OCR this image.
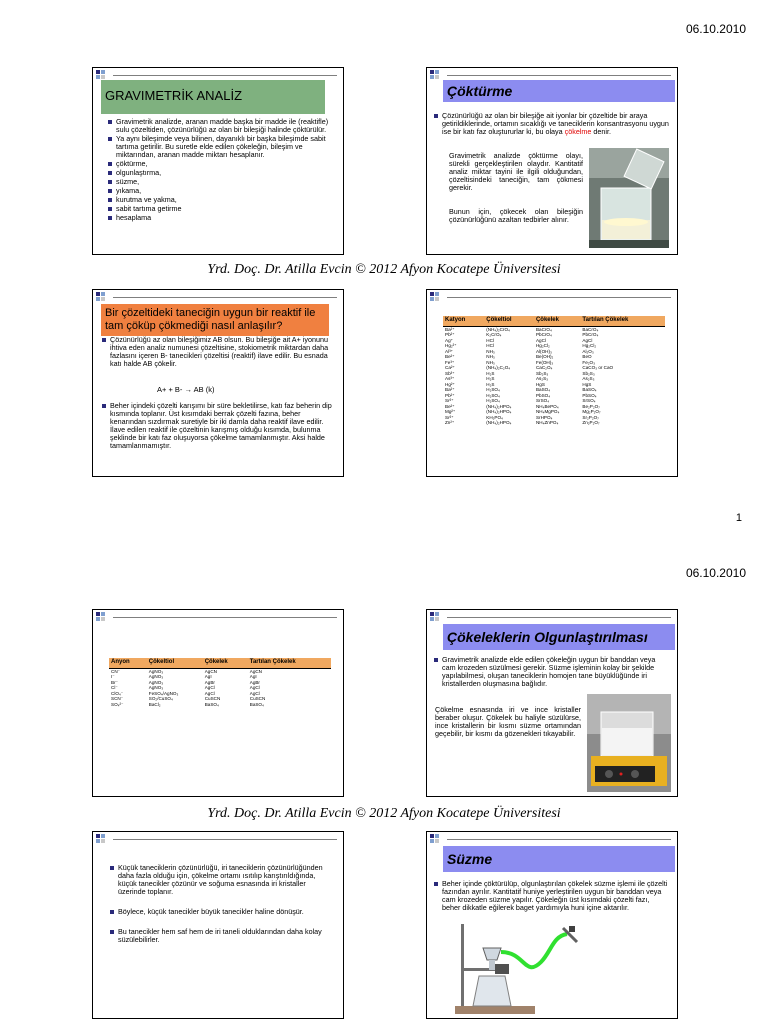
06.10.2010
GRAVIMETRİK ANALİZ
Gravimetrik analizde, aranan madde başka bir madde ile (reaktifle) sulu çözeltiden, çözünürlüğü az olan bir bileşiği halinde çöktürülür.
Ya aynı bileşimde veya bilinen, dayanıklı bir başka bileşimde sabit tartıma getirilir. Bu suretle elde edilen çökeleğin, bileşim ve miktarından, aranan madde miktarı hesaplanır.
çöktürme,
olgunlaştırma,
süzme,
yıkama,
kurutma ve yakma,
sabit tartıma getirme
hesaplama
Çöktürme
Çözünürlüğü az olan bir bileşiğe ait iyonlar bir çözeltide bir araya getirildiklerinde, ortamın sıcaklığı ve taneciklerin konsantrasyonu uygun ise bir katı faz oluştururlar ki, bu olaya çökelme denir.
Gravimetrik analizde çöktürme olayı, sürekli gerçekleştirilen olaydır. Kantitatif analiz miktar tayini ile ilgili olduğundan, çözeltisindeki taneciğin, tam çökmesi gerekir.
Bunun için, çökecek olan bileşiğin çözünürlüğünü azaltan tedbirler alınır.
Yrd. Doç. Dr. Atilla Evcin © 2012 Afyon Kocatepe Üniversitesi
Bir çözeltideki taneciğin uygun bir reaktif ile tam çöküp çökmediği nasıl anlaşılır?
Çözünürlüğü az olan bileşiğimiz AB olsun. Bu bileşiğe ait A+ iyonunu ihtiva eden analiz numunesi çözeltisine, stokiometrik miktardan daha fazlasını içeren B- tanecikleri çözeltisi (reaktif) ilave edilir. Bu esnada katı halde AB çökelir.
A+ + B- → AB (k)
Beher içindeki çözelti karışımı bir süre bekletilirse, katı faz beherin dip kısmında toplanır. Üst kısımdaki berrak çözelti fazına, beher kenarından sızdırmak suretiyle bir iki damla daha reaktif ilave edilir. İlave edilen reaktif ile çözeltinin karışmış olduğu kısımda, bulunma şeklinde bir katı faz oluşuyorsa çökelme tamamlanmıştır. Aksi halde tamamlanmamıştır.
Katyon	Çökeltiol	Çökelek	Tartılan Çökelek
Ba²⁺	(NH₄)₂CrO₄	BaCrO₄	BaCrO₄
Pb²⁺	K₂CrO₄	PbCrO₄	PbCrO₄
Ag⁺	HCl	AgCl	AgCl
Hg₂²⁺	HCl	Hg₂Cl₂	Hg₂Cl₂
Al³⁺	NH₃	Al(OH)₃	Al₂O₃
Be²⁺	NH₃	Be(OH)₂	BeO
Fe³⁺	NH₃	Fe(OH)₃	Fe₂O₃
Ca²⁺	(NH₄)₂C₂O₄	CaC₂O₄	CaCO₃ or CaO
Sb³⁺	H₂S	Sb₂S₃	Sb₂S₃
As³⁺	H₂S	As₂S₃	As₂S₃
Hg²⁺	H₂S	HgS	HgS
Ba²⁺	H₂SO₄	BaSO₄	BaSO₄
Pb²⁺	H₂SO₄	PbSO₄	PbSO₄
Sr²⁺	H₂SO₄	SrSO₄	SrSO₄
Be²⁺	(NH₄)₂HPO₄	NH₄BePO₄	Be₂P₂O₇
Mg²⁺	(NH₄)₂HPO₄	NH₄MgPO₄	Mg₂P₂O₇
Sr²⁺	KH₂PO₄	SrHPO₄	Sr₂P₂O₇
Zn²⁺	(NH₄)₂HPO₄	NH₄ZnPO₄	Zn₂P₂O₇
1
06.10.2010
Anyon	Çökeltiol	Çökelek	Tartılan Çökelek
CN⁻	AgNO₃	AgCN	AgCN
I⁻	AgNO₃	AgI	AgI
Br⁻	AgNO₃	AgBr	AgBr
Cl⁻	AgNO₃	AgCl	AgCl
ClO₄⁻	FeSO₄/AgNO₃	AgCl	AgCl
SCN⁻	SO₂/CuSO₄	CuSCN	CuSCN
SO₄²⁻	BaCl₂	BaSO₄	BaSO₄
Çökeleklerin Olgunlaştırılması
Gravimetrik analizde elde edilen çökeleğin uygun bir banddan veya cam krozeden süzülmesi gerekir. Süzme işleminin kolay bir şekilde yapılabilmesi, oluşan taneciklerin homojen tane büyüklüğünde iri kristallerden oluşmasına bağlıdır.
Çökelme esnasında iri ve ince kristaller beraber oluşur. Çökelek bu haliyle süzülürse, ince kristallerin bir kısmı süzme ortamından geçebilir, bir kısmı da gözenekleri tıkayabilir.
Yrd. Doç. Dr. Atilla Evcin © 2012 Afyon Kocatepe Üniversitesi
Küçük taneciklerin çözünürlüğü, iri taneciklerin çözünürlüğünden daha fazla olduğu için, çökelme ortamı ısıtılıp karıştırıldığında, küçük tanecikler çözünür ve soğuma esnasında iri kristaller üzerinde toplanır.
Böylece, küçük tanecikler büyük tanecikler haline dönüşür.
Bu tanecikler hem saf hem de iri taneli olduklarından daha kolay süzülebilirler.
Süzme
Beher içinde çöktürülüp, olgunlaştırılan çökelek süzme işlemi ile çözelti fazından ayrılır. Kantitatif huniye yerleştirilen uygun bir banddan veya cam krozeden süzme yapılır. Çökeleğin üst kısımdaki çözelti fazı, beher dikkatle eğilerek baget yardımıyla huni içine aktarılır.
